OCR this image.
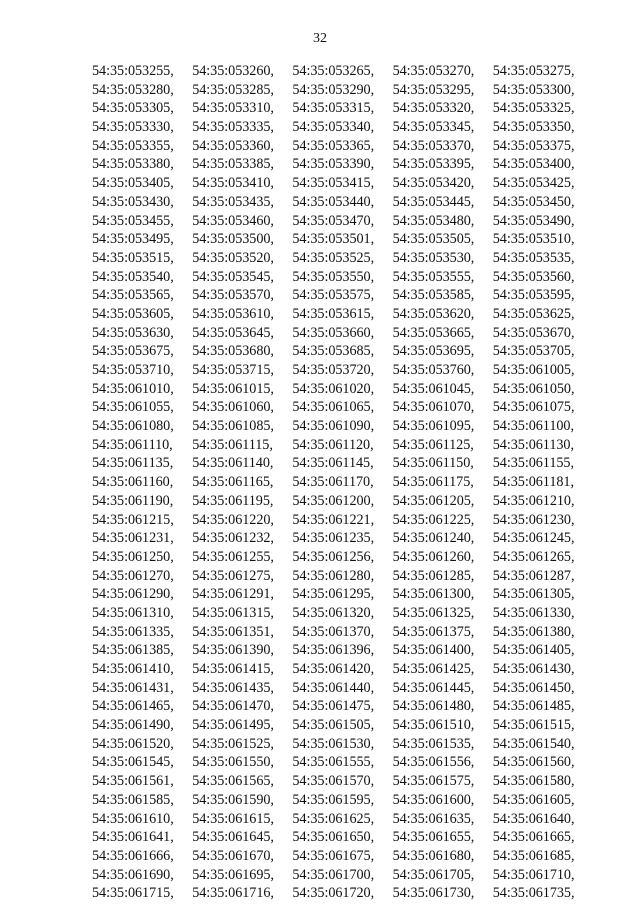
32
54:35:053255,	54:35:053260,	54:35:053265,	54:35:053270,	54:35:053275,
54:35:053280,	54:35:053285,	54:35:053290,	54:35:053295,	54:35:053300,
54:35:053305,	54:35:053310,	54:35:053315,	54:35:053320,	54:35:053325,
54:35:053330,	54:35:053335,	54:35:053340,	54:35:053345,	54:35:053350,
54:35:053355,	54:35:053360,	54:35:053365,	54:35:053370,	54:35:053375,
54:35:053380,	54:35:053385,	54:35:053390,	54:35:053395,	54:35:053400,
54:35:053405,	54:35:053410,	54:35:053415,	54:35:053420,	54:35:053425,
54:35:053430,	54:35:053435,	54:35:053440,	54:35:053445,	54:35:053450,
54:35:053455,	54:35:053460,	54:35:053470,	54:35:053480,	54:35:053490,
54:35:053495,	54:35:053500,	54:35:053501,	54:35:053505,	54:35:053510,
54:35:053515,	54:35:053520,	54:35:053525,	54:35:053530,	54:35:053535,
54:35:053540,	54:35:053545,	54:35:053550,	54:35:053555,	54:35:053560,
54:35:053565,	54:35:053570,	54:35:053575,	54:35:053585,	54:35:053595,
54:35:053605,	54:35:053610,	54:35:053615,	54:35:053620,	54:35:053625,
54:35:053630,	54:35:053645,	54:35:053660,	54:35:053665,	54:35:053670,
54:35:053675,	54:35:053680,	54:35:053685,	54:35:053695,	54:35:053705,
54:35:053710,	54:35:053715,	54:35:053720,	54:35:053760,	54:35:061005,
54:35:061010,	54:35:061015,	54:35:061020,	54:35:061045,	54:35:061050,
54:35:061055,	54:35:061060,	54:35:061065,	54:35:061070,	54:35:061075,
54:35:061080,	54:35:061085,	54:35:061090,	54:35:061095,	54:35:061100,
54:35:061110,	54:35:061115,	54:35:061120,	54:35:061125,	54:35:061130,
54:35:061135,	54:35:061140,	54:35:061145,	54:35:061150,	54:35:061155,
54:35:061160,	54:35:061165,	54:35:061170,	54:35:061175,	54:35:061181,
54:35:061190,	54:35:061195,	54:35:061200,	54:35:061205,	54:35:061210,
54:35:061215,	54:35:061220,	54:35:061221,	54:35:061225,	54:35:061230,
54:35:061231,	54:35:061232,	54:35:061235,	54:35:061240,	54:35:061245,
54:35:061250,	54:35:061255,	54:35:061256,	54:35:061260,	54:35:061265,
54:35:061270,	54:35:061275,	54:35:061280,	54:35:061285,	54:35:061287,
54:35:061290,	54:35:061291,	54:35:061295,	54:35:061300,	54:35:061305,
54:35:061310,	54:35:061315,	54:35:061320,	54:35:061325,	54:35:061330,
54:35:061335,	54:35:061351,	54:35:061370,	54:35:061375,	54:35:061380,
54:35:061385,	54:35:061390,	54:35:061396,	54:35:061400,	54:35:061405,
54:35:061410,	54:35:061415,	54:35:061420,	54:35:061425,	54:35:061430,
54:35:061431,	54:35:061435,	54:35:061440,	54:35:061445,	54:35:061450,
54:35:061465,	54:35:061470,	54:35:061475,	54:35:061480,	54:35:061485,
54:35:061490,	54:35:061495,	54:35:061505,	54:35:061510,	54:35:061515,
54:35:061520,	54:35:061525,	54:35:061530,	54:35:061535,	54:35:061540,
54:35:061545,	54:35:061550,	54:35:061555,	54:35:061556,	54:35:061560,
54:35:061561,	54:35:061565,	54:35:061570,	54:35:061575,	54:35:061580,
54:35:061585,	54:35:061590,	54:35:061595,	54:35:061600,	54:35:061605,
54:35:061610,	54:35:061615,	54:35:061625,	54:35:061635,	54:35:061640,
54:35:061641,	54:35:061645,	54:35:061650,	54:35:061655,	54:35:061665,
54:35:061666,	54:35:061670,	54:35:061675,	54:35:061680,	54:35:061685,
54:35:061690,	54:35:061695,	54:35:061700,	54:35:061705,	54:35:061710,
54:35:061715,	54:35:061716,	54:35:061720,	54:35:061730,	54:35:061735,
